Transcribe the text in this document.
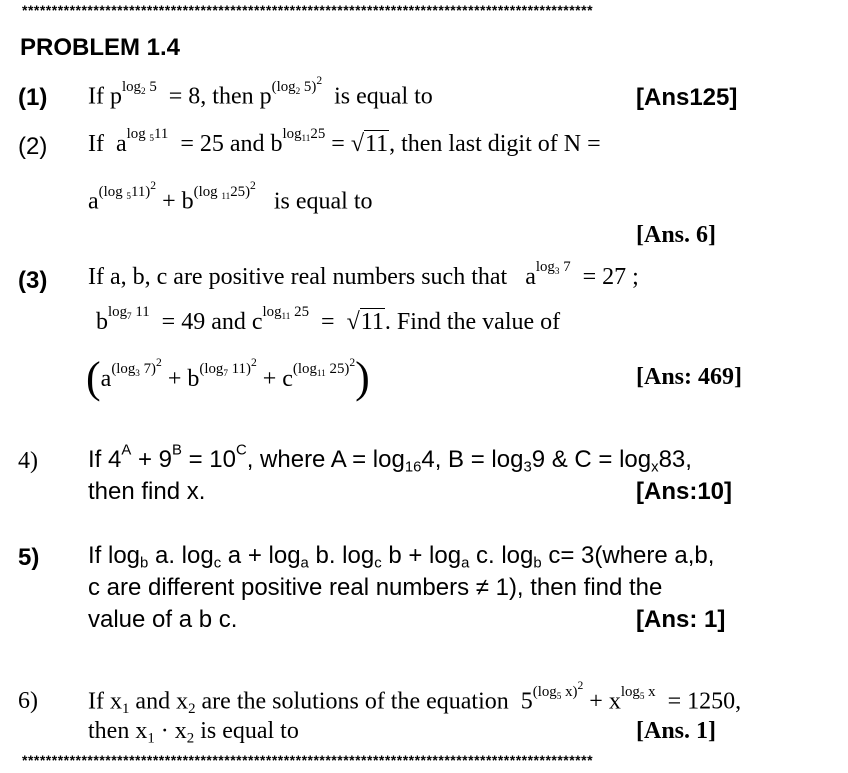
************************************************************************************************
PROBLEM 1.4
(1) If $p^{log_2 5} = 8$, then $p^{(log_2 5)^2}$  is equal to	[Ans125]
(2) If $a^{log _511} = 25$ and $b^{log_{11}25} = √11$, then last digit of N =
$a^{(log _511)^2} + b^{(log _{11}25)^2}$   is equal to
[Ans. 6]
(3) If a, b, c are positive real numbers such that $a^{log_3 7} = 27$ ;
$b^{log_7 11} = 49$ and $c^{log_{11} 25} = √11$. Find the value of
$(a^{(log_3 7)^2} + b^{(log_7 11)^2} + c^{(log_{11} 25)^2})$	[Ans: 469]
4) If $4^A + 9^B = 10^C$, where $A = \log_{16}4$, $B = \log_39$ & $C = \log_x83$,
then find x.	[Ans:10]
5) If $\log_b a$. $\log_c a + \log_a b$. $\log_c b + \log_a c$. $\log_b c=$ 3(where a,b,
c are different positive real numbers ≠ 1), then find the
value of a b c.	[Ans: 1]
6) If $x_1$ and $x_2$ are the solutions of the equation $5^{(log_5 x)^2} + x^{log_5 x} = 1250$,
then $x_1 \cdot x_2$ is equal to	[Ans. 1]
************************************************************************************************
